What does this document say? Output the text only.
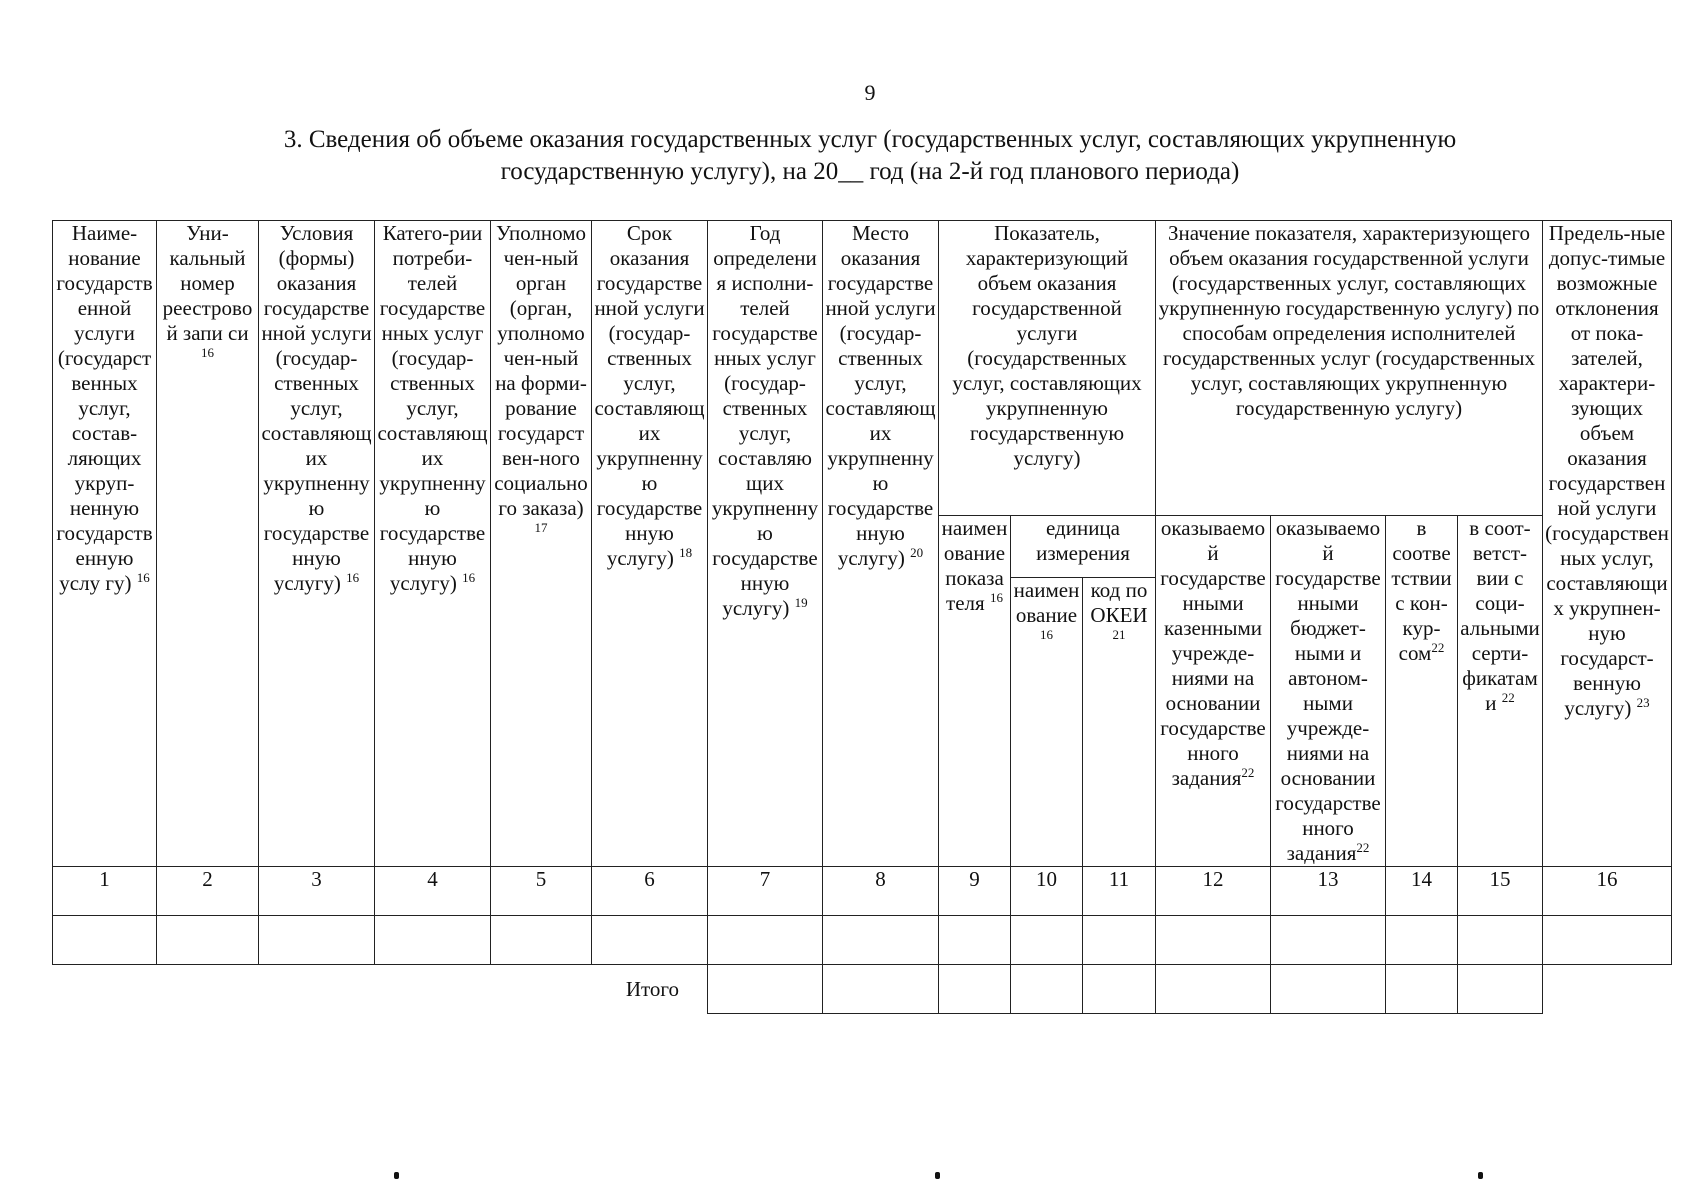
9
3. Сведения об объеме оказания государственных услуг (государственных услуг, составляющих укрупненную
государственную услугу), на 20__ год (на 2-й год планового периода)
Наиме-нование государственной услуги (государственных услуг, состав-ляющих укруп-ненную государственную услу гу) $^{16}$	Уни-кальный номер реестровой запи си $^{16}$	Условия (формы) оказания государственной услуги (государ-ственных услуг, составляющих укрупненную государственную услугу) $^{16}$	Катего-рии потреби-телей государственных услуг (государ-ственных услуг, составляющих укрупненную государственную услугу) $^{16}$	Уполномочен-ный орган (орган, уполномочен-ный на форми-рование государствен-ного социального заказа) $^{17}$	Срок оказания государственной услуги (государ-ственных услуг, составляющих укрупненную государственную услугу) $^{18}$	Год определения исполни-телей государственных услуг (государ-ственных услуг, составляющих укрупненную государственную услугу) $^{19}$	Место оказания государственной услуги (государ-ственных услуг, составляющих укрупненную государственную услугу) $^{20}$	Показатель, характеризующий объем оказания государственной услуги (государственных услуг, составляющих укрупненную государственную услугу)			Значение показателя, характеризующего объем оказания государственной услуги (государственных услуг, составляющих укрупненную государственную услугу) по способам определения исполнителей государственных услуг (государственных услуг, составляющих укрупненную государственную услугу)				Предель-ные допус-тимые возможные отклонения от пока-зателей, характери-зующих объем оказания государственной услуги (государственных услуг, составляющих укрупнен-ную государст-венную услугу) $^{23}$
								наименование показателя $^{16}$	единица измерения		оказываемой государственными казенными учрежде-ниями на основании государственного задания$^{22}$	оказываемой государственными бюджет-ными и автоном-ными учрежде-ниями на основании государственного задания$^{22}$	в соответствии с кон-кур-сом$^{22}$	в соот-ветст-вии с соци-альными серти-фикатами $^{22}$
									наименование $^{16}$	код по ОКЕИ $^{21}$
1	2	3	4	5	6	7	8	9	10	11	12	13	14	15	16

					Итого										
